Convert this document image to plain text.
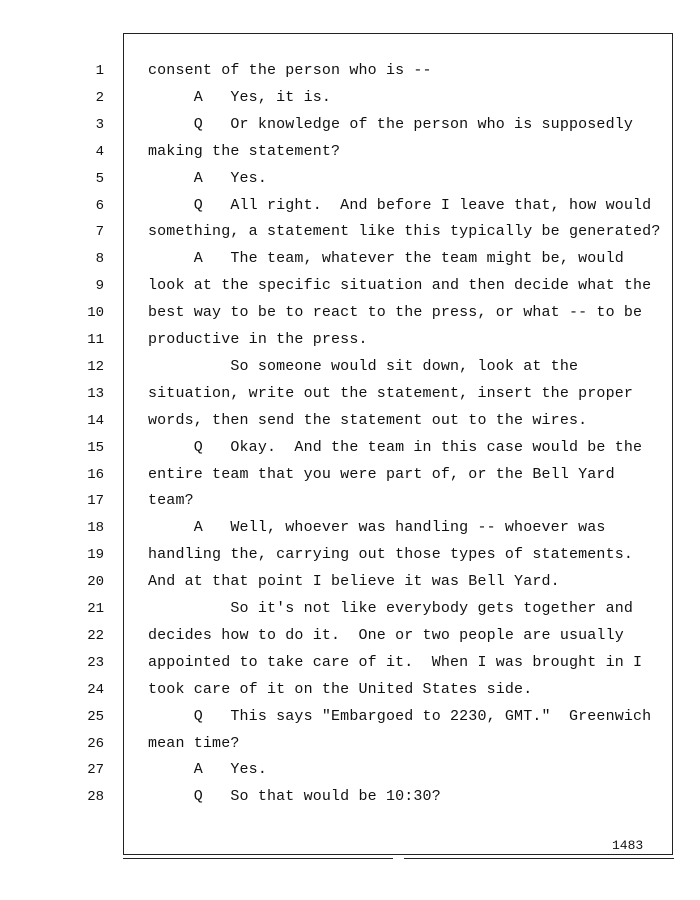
1
2
3
4
5
6
7
8
9
10
11
12
13
14
15
16
17
18
19
20
21
22
23
24
25
26
27
28
consent of the person who is --
A   Yes, it is.
Q   Or knowledge of the person who is supposedly
making the statement?
A   Yes.
Q   All right.  And before I leave that, how would
something, a statement like this typically be generated?
A   The team, whatever the team might be, would
look at the specific situation and then decide what the
best way to be to react to the press, or what -- to be
productive in the press.
So someone would sit down, look at the
situation, write out the statement, insert the proper
words, then send the statement out to the wires.
Q   Okay.  And the team in this case would be the
entire team that you were part of, or the Bell Yard
team?
A   Well, whoever was handling -- whoever was
handling the, carrying out those types of statements.
And at that point I believe it was Bell Yard.
So it's not like everybody gets together and
decides how to do it.  One or two people are usually
appointed to take care of it.  When I was brought in I
took care of it on the United States side.
Q   This says "Embargoed to 2230, GMT."  Greenwich
mean time?
A   Yes.
Q   So that would be 10:30?
1483
